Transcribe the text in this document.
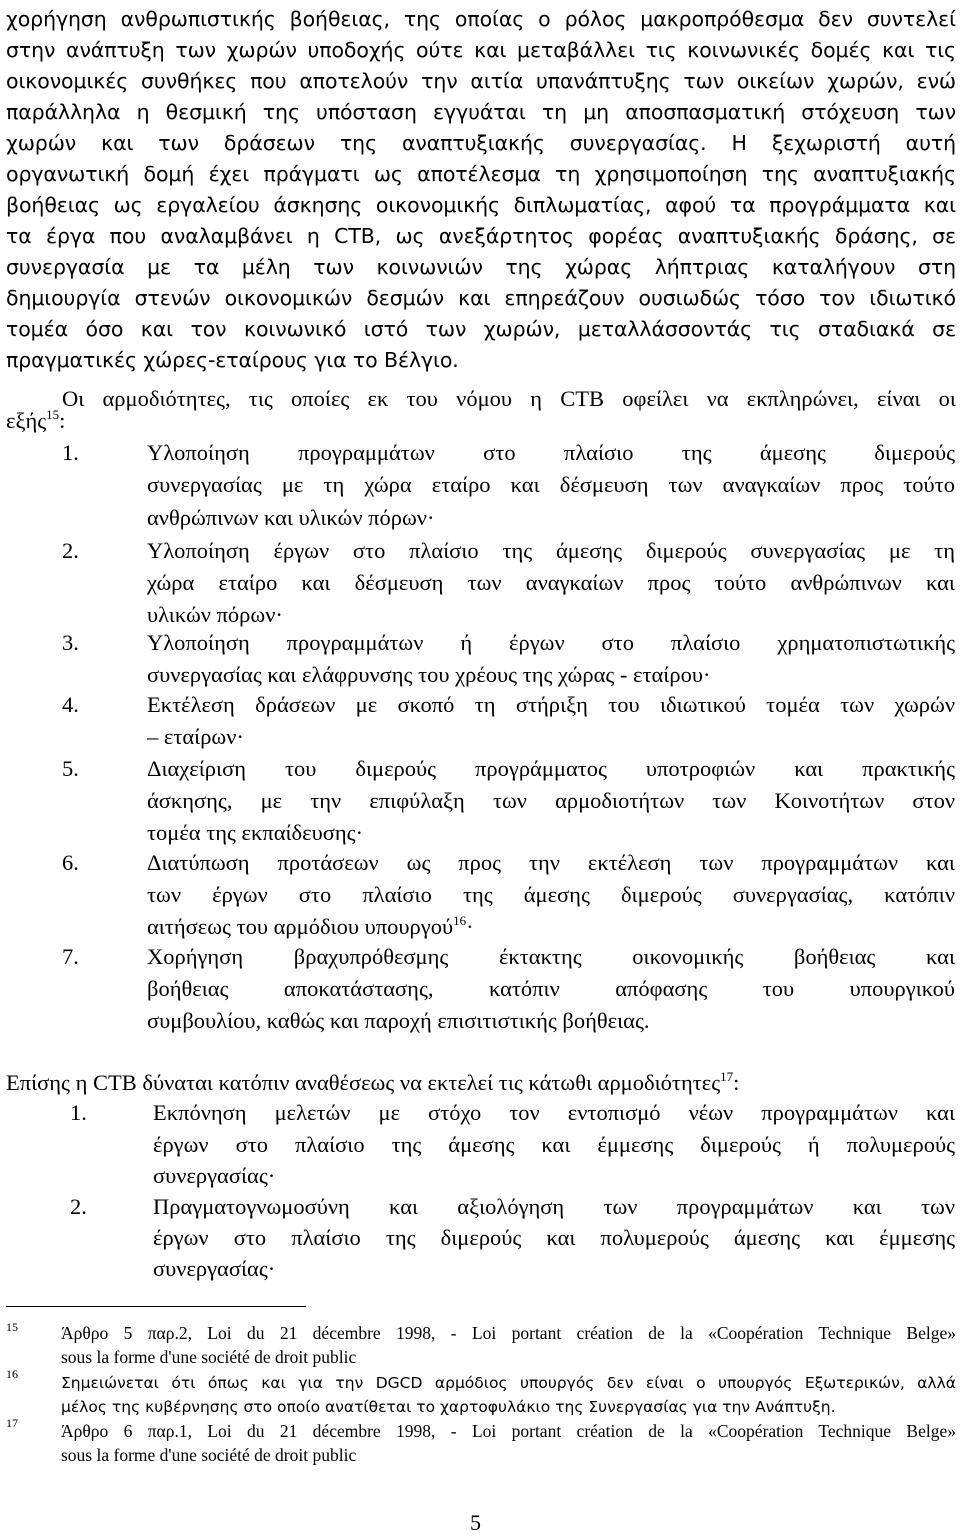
χορήγηση ανθρωπιστικής βοήθειας, της οποίας ο ρόλος μακροπρόθεσμα δεν συντελεί
στην ανάπτυξη των χωρών υποδοχής ούτε και μεταβάλλει τις κοινωνικές δομές και τις
οικονομικές συνθήκες που αποτελούν την αιτία υπανάπτυξης των οικείων χωρών, ενώ
παράλληλα η θεσμική της υπόσταση εγγυάται τη μη αποσπασματική στόχευση των
χωρών και των δράσεων της αναπτυξιακής συνεργασίας. Η ξεχωριστή αυτή
οργανωτική δομή έχει πράγματι ως αποτέλεσμα τη χρησιμοποίηση της αναπτυξιακής
βοήθειας ως εργαλείου άσκησης οικονομικής διπλωματίας, αφού τα προγράμματα και
τα έργα που αναλαμβάνει η CTB, ως ανεξάρτητος φορέας αναπτυξιακής δράσης, σε
συνεργασία με τα μέλη των κοινωνιών της χώρας λήπτριας καταλήγουν στη
δημιουργία στενών οικονομικών δεσμών και επηρεάζουν ουσιωδώς τόσο τον ιδιωτικό
τομέα όσο και τον κοινωνικό ιστό των χωρών, μεταλλάσσοντάς τις σταδιακά σε
πραγματικές χώρες-εταίρους για το Βέλγιο.
Οι αρμοδιότητες, τις οποίες εκ του νόμου η CTB οφείλει να εκπληρώνει, είναι οι
εξής$^{15}$:
1.	Υλοποίηση προγραμμάτων στο πλαίσιο της άμεσης διμερούς
συνεργασίας με τη χώρα εταίρο και δέσμευση των αναγκαίων προς τούτο
ανθρώπινων και υλικών πόρων·
2.	Υλοποίηση έργων στο πλαίσιο της άμεσης διμερούς συνεργασίας με τη
χώρα εταίρο και δέσμευση των αναγκαίων προς τούτο ανθρώπινων και
υλικών πόρων·
3.	Υλοποίηση προγραμμάτων ή έργων στο πλαίσιο χρηματοπιστωτικής
συνεργασίας και ελάφρυνσης του χρέους της χώρας - εταίρου·
4.	Εκτέλεση δράσεων με σκοπό τη στήριξη του ιδιωτικού τομέα των χωρών
– εταίρων·
5.	Διαχείριση του διμερούς προγράμματος υποτροφιών και πρακτικής
άσκησης, με την επιφύλαξη των αρμοδιοτήτων των Κοινοτήτων στον
τομέα της εκπαίδευσης·
6.	Διατύπωση προτάσεων ως προς την εκτέλεση των προγραμμάτων και
των έργων στο πλαίσιο της άμεσης διμερούς συνεργασίας, κατόπιν
αιτήσεως του αρμόδιου υπουργού$^{16}$·
7.	Χορήγηση βραχυπρόθεσμης έκτακτης οικονομικής βοήθειας και
βοήθειας αποκατάστασης, κατόπιν απόφασης του υπουργικού
συμβουλίου, καθώς και παροχή επισιτιστικής βοήθειας.
Επίσης η CTB δύναται κατόπιν αναθέσεως να εκτελεί τις κάτωθι αρμοδιότητες$^{17}$:
1.	Εκπόνηση μελετών με στόχο τον εντοπισμό νέων προγραμμάτων και
έργων στο πλαίσιο της άμεσης και έμμεσης διμερούς ή πολυμερούς
συνεργασίας·
2.	Πραγματογνωμοσύνη και αξιολόγηση των προγραμμάτων και των
έργων στο πλαίσιο της διμερούς και πολυμερούς άμεσης και έμμεσης
συνεργασίας·
15 Άρθρο 5 παρ.2, Loi du 21 décembre 1998, - Loi portant création de la «Coopération Technique Belge»
sous la forme d'une société de droit public
16	Σημειώνεται ότι όπως και για την DGCD αρμόδιος υπουργός δεν είναι ο υπουργός Εξωτερικών, αλλά
μέλος της κυβέρνησης στο οποίο ανατίθεται το χαρτοφυλάκιο της Συνεργασίας για την Ανάπτυξη.
17 Άρθρο 6 παρ.1, Loi du 21 décembre 1998, - Loi portant création de la «Coopération Technique Belge»
sous la forme d'une société de droit public
5
